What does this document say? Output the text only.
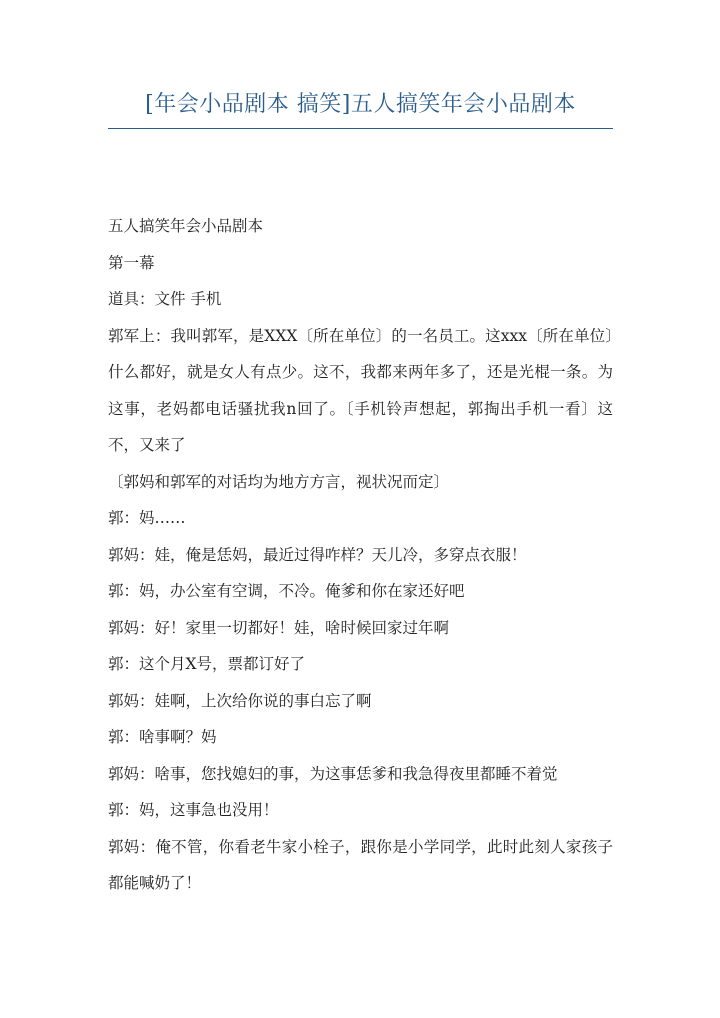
[年会小品剧本 搞笑]五人搞笑年会小品剧本

五人搞笑年会小品剧本

第一幕

道具：文件 手机

郭军上：我叫郭军，是XXX〔所在单位〕的一名员工。这xxx〔所在单位〕什么都好，就是女人有点少。这不，我都来两年多了，还是光棍一条。为这事，老妈都电话骚扰我n回了。〔手机铃声想起，郭掏出手机一看〕这不，又来了

〔郭妈和郭军的对话均为地方方言，视状况而定〕

郭：妈……

郭妈：娃，俺是恁妈，最近过得咋样？天儿冷，多穿点衣服！

郭：妈，办公室有空调，不冷。俺爹和你在家还好吧

郭妈：好！家里一切都好！娃，啥时候回家过年啊

郭：这个月X号，票都订好了

郭妈：娃啊，上次给你说的事白忘了啊

郭：啥事啊？妈

郭妈：啥事，您找媳妇的事，为这事恁爹和我急得夜里都睡不着觉

郭：妈，这事急也没用！

郭妈：俺不管，你看老牛家小栓子，跟你是小学同学，此时此刻人家孩子都能喊奶了！
